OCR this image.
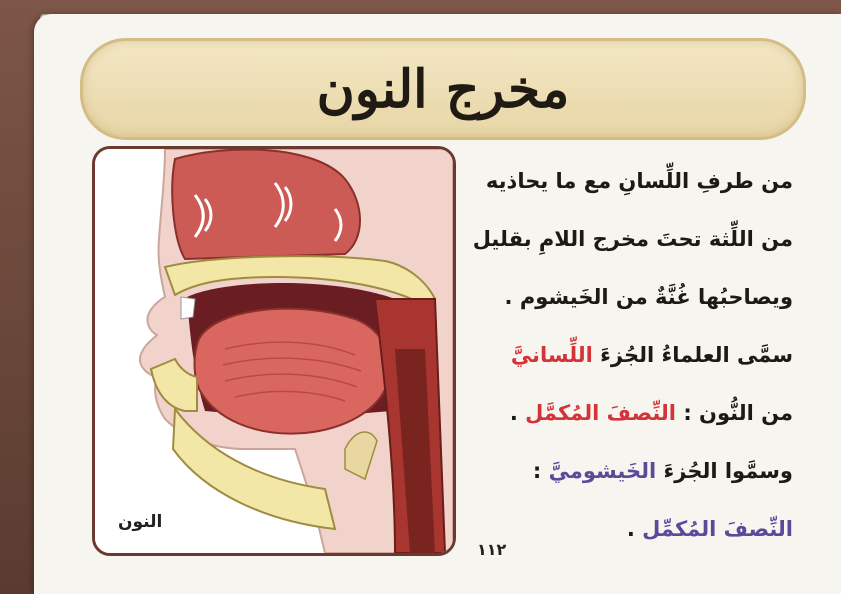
مخرج النون
النون
من طرفِ اللِّسانِ مع ما يحاذيه
من اللِّثة تحتَ مخرج اللامِ بقليل
ويصاحبُها غُنَّةٌ من الخَيشوم .
سمَّى العلماءُ الجُزءَ اللِّسانيَّ
من النُّون : النِّصفَ المُكمَّل .
وسمَّوا الجُزءَ الخَيشوميَّ :
النِّصفَ المُكمِّل .
١١٢
